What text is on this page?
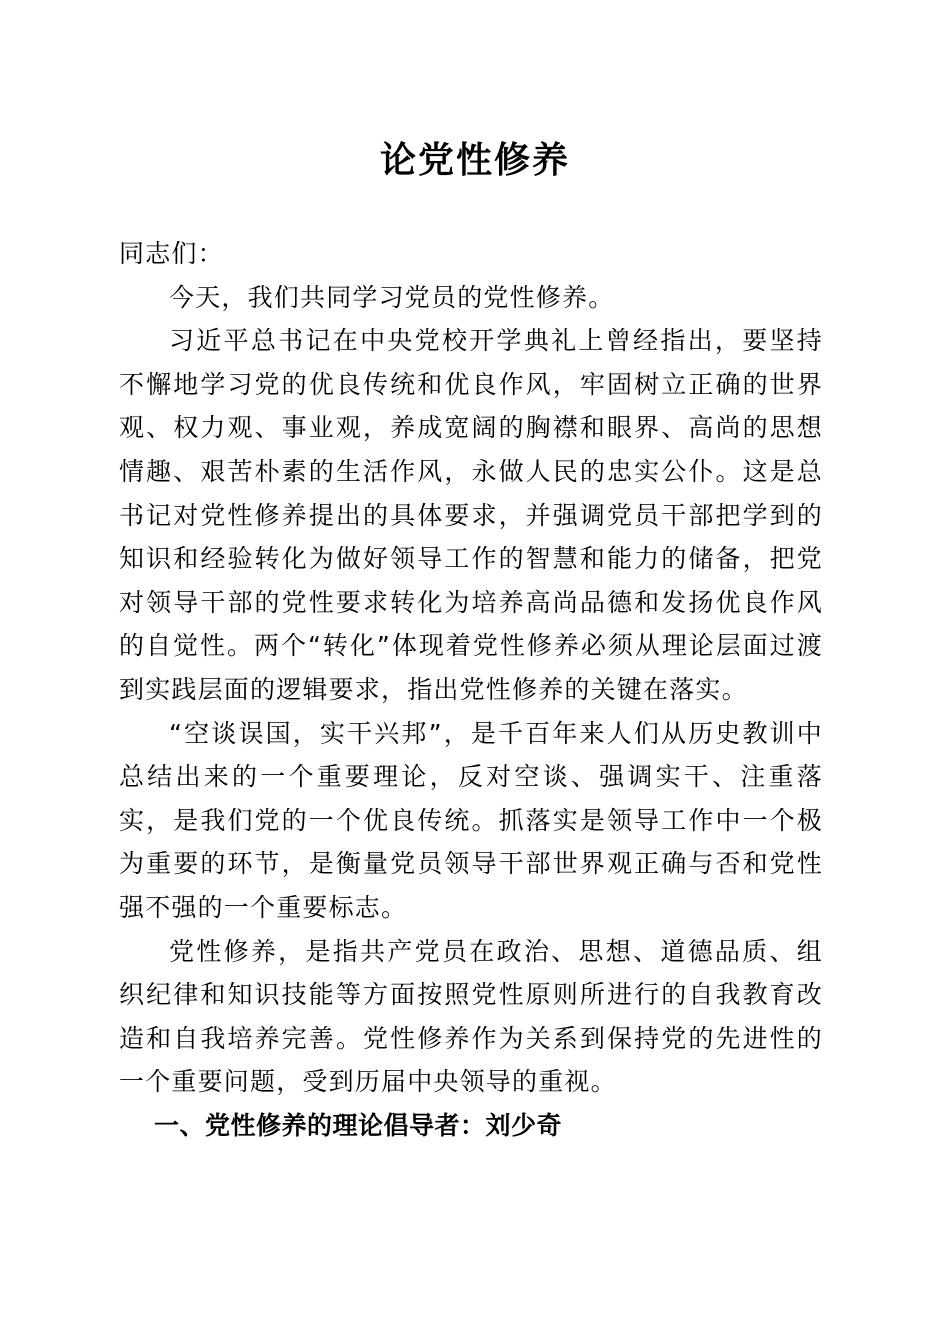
论党性修养

同志们：

今天，我们共同学习党员的党性修养。

习近平总书记在中央党校开学典礼上曾经指出，要坚持不懈地学习党的优良传统和优良作风，牢固树立正确的世界观、权力观、事业观，养成宽阔的胸襟和眼界、高尚的思想情趣、艰苦朴素的生活作风，永做人民的忠实公仆。这是总书记对党性修养提出的具体要求，并强调党员干部把学到的知识和经验转化为做好领导工作的智慧和能力的储备，把党对领导干部的党性要求转化为培养高尚品德和发扬优良作风的自觉性。两个“转化”体现着党性修养必须从理论层面过渡到实践层面的逻辑要求，指出党性修养的关键在落实。

“空谈误国，实干兴邦”，是千百年来人们从历史教训中总结出来的一个重要理论，反对空谈、强调实干、注重落实，是我们党的一个优良传统。抓落实是领导工作中一个极为重要的环节，是衡量党员领导干部世界观正确与否和党性强不强的一个重要标志。

党性修养，是指共产党员在政治、思想、道德品质、组织纪律和知识技能等方面按照党性原则所进行的自我教育改造和自我培养完善。党性修养作为关系到保持党的先进性的一个重要问题，受到历届中央领导的重视。

一、党性修养的理论倡导者：刘少奇
